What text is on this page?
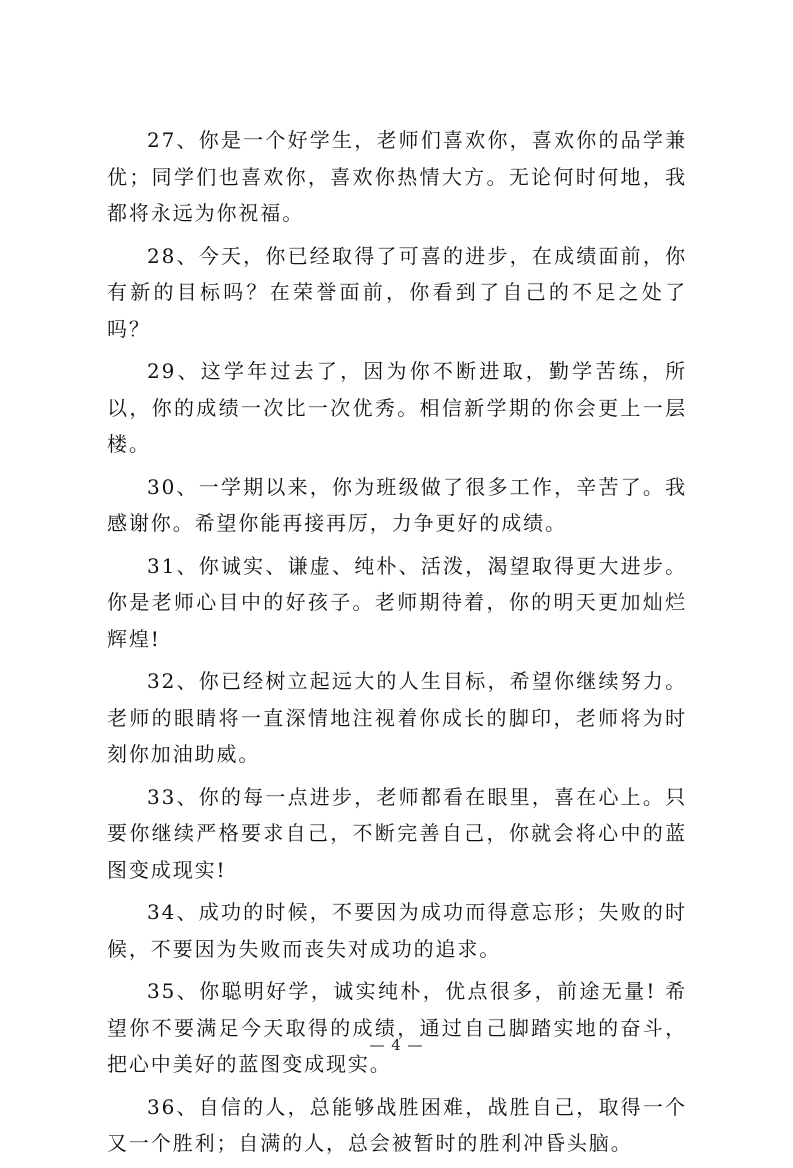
27、你是一个好学生，老师们喜欢你，喜欢你的品学兼优；同学们也喜欢你，喜欢你热情大方。无论何时何地，我都将永远为你祝福。

28、今天，你已经取得了可喜的进步，在成绩面前，你有新的目标吗？在荣誉面前，你看到了自己的不足之处了吗？

29、这学年过去了，因为你不断进取，勤学苦练，所以，你的成绩一次比一次优秀。相信新学期的你会更上一层楼。

30、一学期以来，你为班级做了很多工作，辛苦了。我感谢你。希望你能再接再厉，力争更好的成绩。

31、你诚实、谦虚、纯朴、活泼，渴望取得更大进步。你是老师心目中的好孩子。老师期待着，你的明天更加灿烂辉煌!

32、你已经树立起远大的人生目标，希望你继续努力。老师的眼睛将一直深情地注视着你成长的脚印，老师将为时刻你加油助威。

33、你的每一点进步，老师都看在眼里，喜在心上。只要你继续严格要求自己，不断完善自己，你就会将心中的蓝图变成现实!

34、成功的时候，不要因为成功而得意忘形；失败的时候，不要因为失败而丧失对成功的追求。

35、你聪明好学，诚实纯朴，优点很多，前途无量! 希望你不要满足今天取得的成绩，通过自己脚踏实地的奋斗，把心中美好的蓝图变成现实。

36、自信的人，总能够战胜困难，战胜自己，取得一个又一个胜利；自满的人，总会被暂时的胜利冲昏头脑。

— 4 —
